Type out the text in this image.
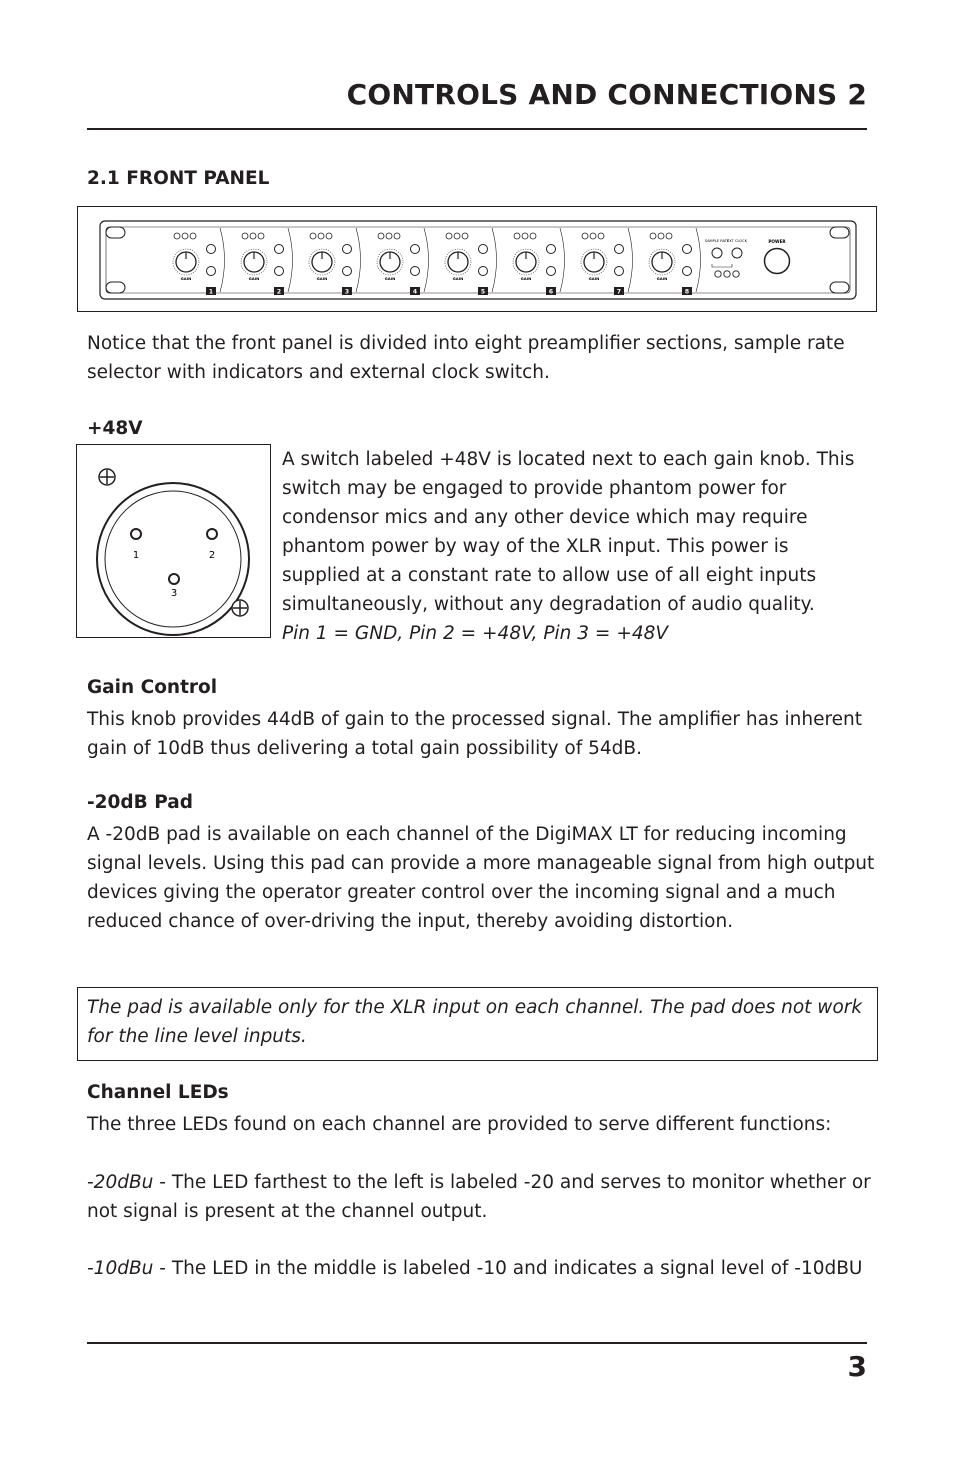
CONTROLS AND CONNECTIONS 2
2.1 FRONT PANEL
GAIN
1
GAIN
2
GAIN
3
GAIN
4
GAIN
5
GAIN
6
GAIN
7
GAIN
8
SAMPLE RATE
EXT CLOCK	POWER
Notice that the front panel is divided into eight preamplifier sections, sample rate selector with indicators and external clock switch.
+48V
1	2
3
A switch labeled +48V is located next to each gain knob. This switch may be engaged to provide phantom power for condensor mics and any other device which may require phantom power by way of the XLR input. This power is supplied at a constant rate to allow use of all eight inputs simultaneously, without any degradation of audio quality.
Pin 1 = GND, Pin 2 = +48V, Pin 3 = +48V
Gain Control
This knob provides 44dB of gain to the processed signal. The amplifier has inherent gain of 10dB thus delivering a total gain possibility of 54dB.
-20dB Pad
A -20dB pad is available on each channel of the DigiMAX LT for reducing incoming signal levels. Using this pad can provide a more manageable signal from high output devices giving the operator greater control over the incoming signal and a much reduced chance of over-driving the input, thereby avoiding distortion.
The pad is available only for the XLR input on each channel. The pad does not work for the line level inputs.
Channel LEDs
The three LEDs found on each channel are provided to serve different functions:
-20dBu - The LED farthest to the left is labeled -20 and serves to monitor whether or not signal is present at the channel output.
-10dBu - The LED in the middle is labeled -10 and indicates a signal level of -10dBU
3
